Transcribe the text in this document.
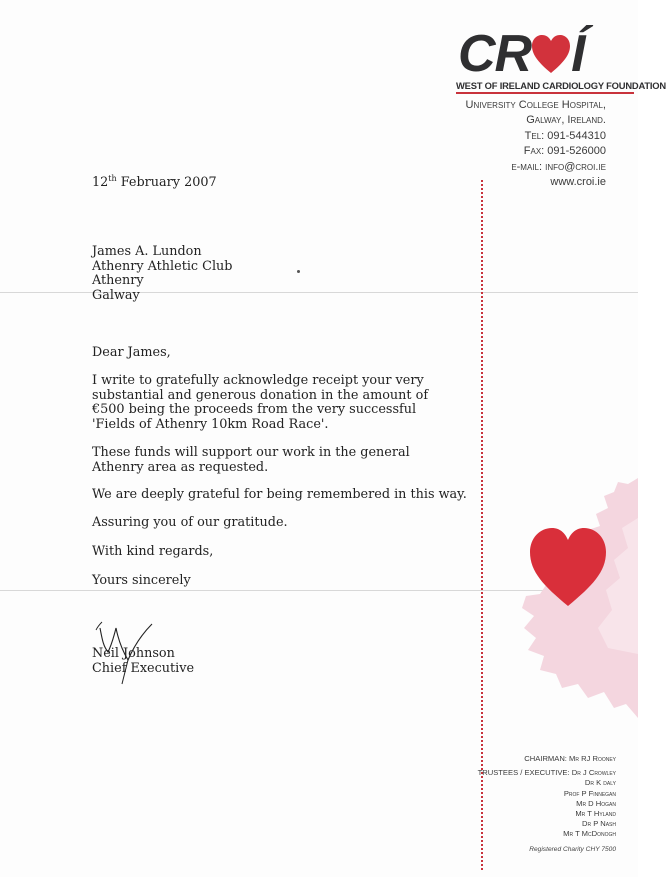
CR Í
WEST OF IRELAND CARDIOLOGY FOUNDATION
University College Hospital,
Galway, Ireland.
Tel: 091-544310
Fax: 091-526000
e-mail: info@croi.ie
www.croi.ie
12th February 2007
James A. Lundon
Athenry Athletic Club
Athenry
Galway
Dear James,
I write to gratefully acknowledge receipt your very substantial and generous donation in the amount of €500 being the proceeds from the very successful 'Fields of Athenry 10km Road Race'.
These funds will support our work in the general Athenry area as requested.
We are deeply grateful for being remembered in this way.
Assuring you of our gratitude.
With kind regards,
Yours sincerely
Neil Johnson
Chief Executive
CHAIRMAN: Mr RJ Rooney
TRUSTEES / EXECUTIVE: Dr J Crowley
Dr K daly
Prof P Finnegan
Mr D Hogan
Mr T Hyland
Dr P Nash
Mr T McDonogh
Registered Charity CHY 7500
